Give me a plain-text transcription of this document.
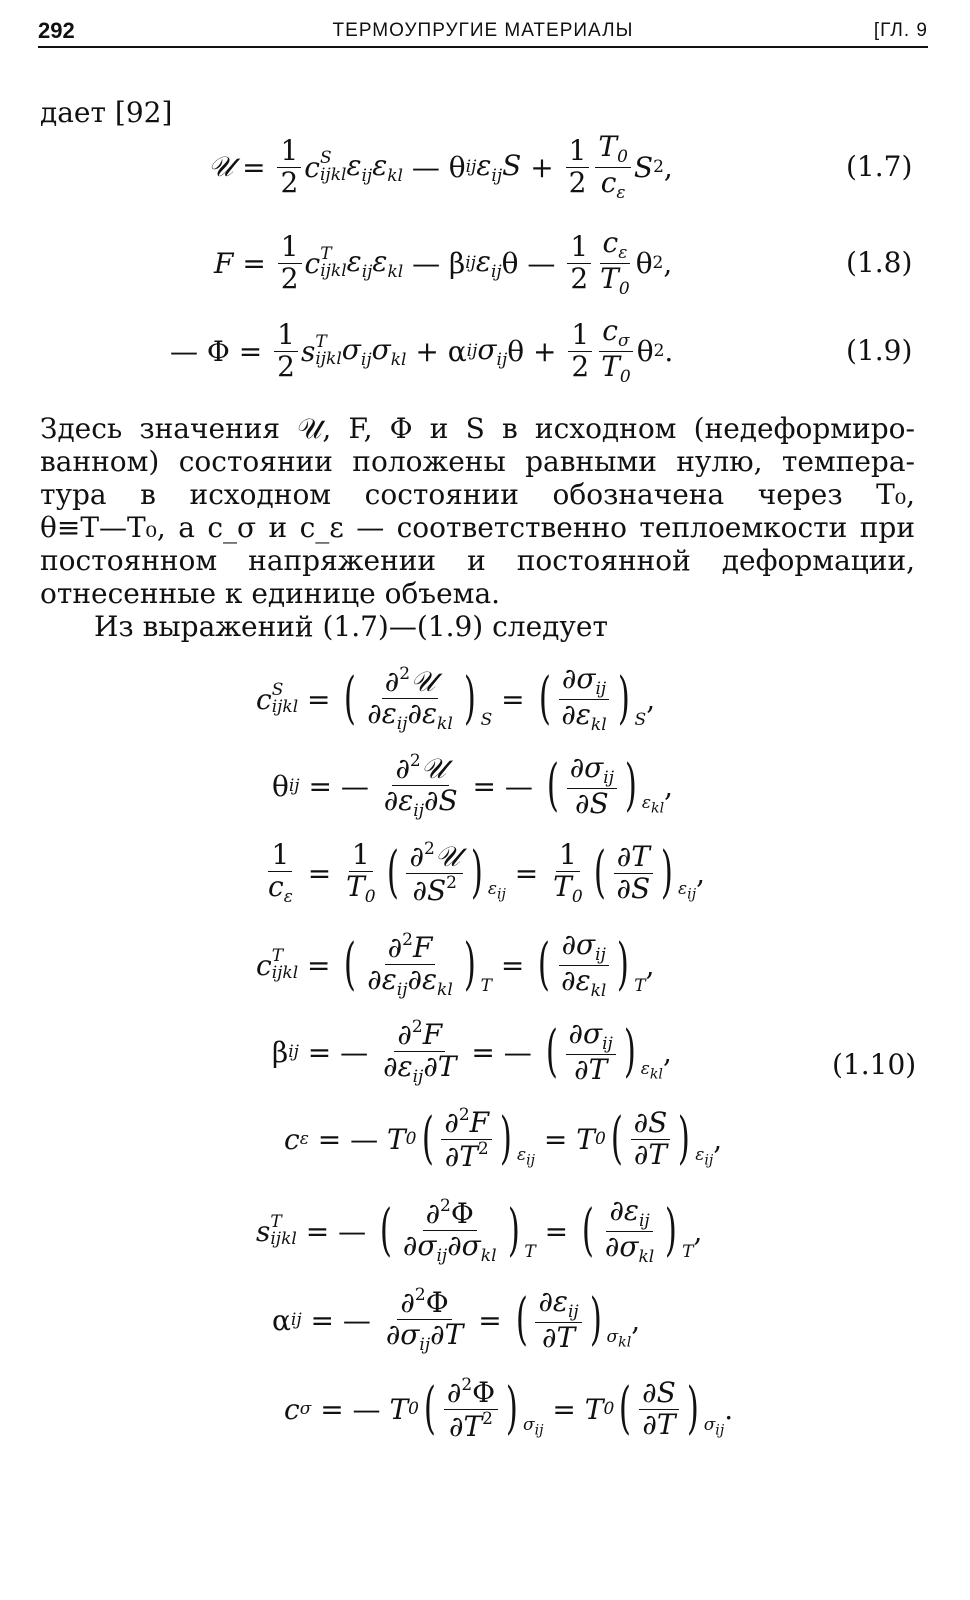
292	ТЕРМОУПРУГИЕ МАТЕРИАЛЫ	[ГЛ. 9
дает [92]
𝒰 = $\frac{1}{2}$ c S
ijkl $\varepsilon_{ij}\varepsilon_{kl}$ — θ ij $\varepsilon_{ij}S + \frac{1}{2} \frac{T_0}{c_\varepsilon}$ S 2 ,	(1.7)
$F = \frac{1}{2}$ c T
ijkl $\varepsilon_{ij}\varepsilon_{kl}$ — β ij $\varepsilon_{ij}$ θ — $\frac{1}{2} \frac{c_\varepsilon}{T_0}$ θ 2 ,	(1.8)
— $\Phi = \frac{1}{2}$ s T
ijkl $\sigma_{ij}\sigma_{kl} + \alpha$ ij $\sigma_{ij}$ $\theta + \frac{1}{2} \frac{c_\sigma}{T_0}$ θ 2 .	(1.9)

Здесь значения 𝒰, F, Φ и S в исходном (недеформиро-

ванном) состоянии положены равными нулю, темпера-

тура в исходном состоянии обозначена через T₀,

θ≡T—T₀, а c_σ и c_ε — соответственно теплоемкости при

постоянном напряжении и постоянной деформации,

отнесенные к единице объема.

Из выражений (1.7)—(1.9) следует

c S
ijkl = ( $\frac{\partial^2𝒰}{\partial\varepsilon_{ij}\partial\varepsilon_{kl}}$ ) S
= ( $\frac{\partial\sigma_{ij}}{\partial\varepsilon_{kl}}$ ) S
,
θ ij = — $\frac{\partial^2𝒰}{\partial\varepsilon_{ij}\partial S}$ = — ( $\frac{\partial\sigma_{ij}}{\partial S}$ ) $\varepsilon_{kl}$
,
$\frac{1}{c_\varepsilon} = \frac{1}{T_0}$ ( $\frac{\partial^2𝒰}{\partial S^2}$ ) $\varepsilon_{ij}$
= $\frac{1}{T_0}$ ( $\frac{\partial T}{\partial S}$ ) $\varepsilon_{ij}$
,
c T
ijkl = ( $\frac{\partial^2F}{\partial\varepsilon_{ij}\partial\varepsilon_{kl}}$ ) T
= ( $\frac{\partial\sigma_{ij}}{\partial\varepsilon_{kl}}$ ) T
,
β ij = — $\frac{\partial^2F}{\partial\varepsilon_{ij}\partial T}$ = — ( $\frac{\partial\sigma_{ij}}{\partial T}$ ) $\varepsilon_{kl}$
,	(1.10)
c ε = — T 0 ( $\frac{\partial^2F}{\partial T^2}$ ) $\varepsilon_{ij}$
= T 0 ( $\frac{\partial S}{\partial T}$ ) $\varepsilon_{ij}$
,
s T
ijkl = — ( $\frac{\partial^2\Phi}{\partial\sigma_{ij}\partial\sigma_{kl}}$ ) T
= ( $\frac{\partial\varepsilon_{ij}}{\partial\sigma_{kl}}$ ) T
,
α ij = — $\frac{\partial^2\Phi}{\partial\sigma_{ij}\partial T}$ = ( $\frac{\partial\varepsilon_{ij}}{\partial T}$ ) $\sigma_{kl}$
,
c σ = — T 0 ( $\frac{\partial^2\Phi}{\partial T^2}$ ) $\sigma_{ij}$
= T 0 ( $\frac{\partial S}{\partial T}$ ) $\sigma_{ij}$
.
